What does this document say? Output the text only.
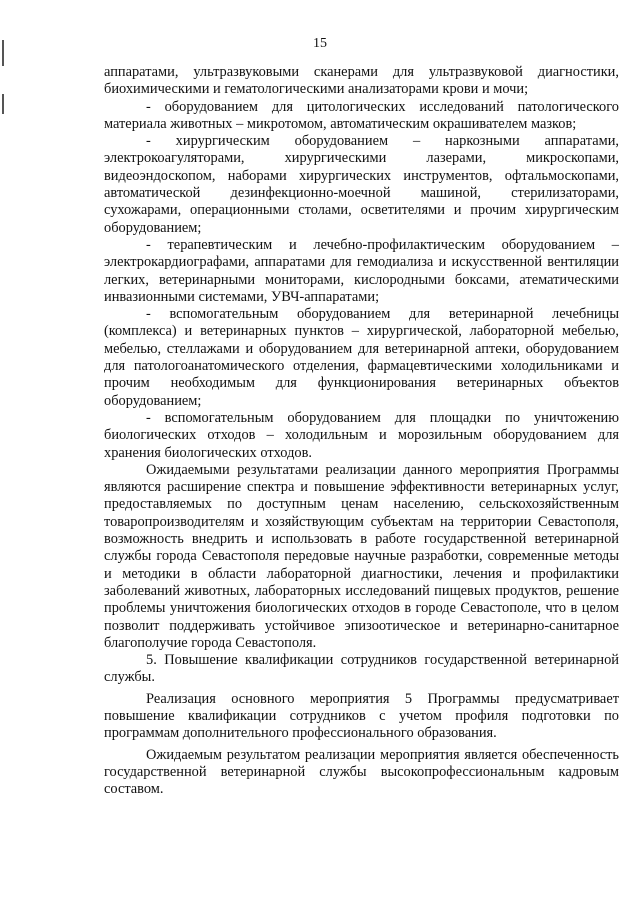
15

аппаратами, ультразвуковыми сканерами для ультразвуковой диагностики, биохимическими и гематологическими анализаторами крови и мочи;

- оборудованием для цитологических исследований патологического материала животных – микротомом, автоматическим окрашивателем мазков;

- хирургическим оборудованием – наркозными аппаратами, электрокоагуляторами, хирургическими лазерами, микроскопами, видеоэндоскопом, наборами хирургических инструментов, офтальмоскопами, автоматической дезинфекционно-моечной машиной, стерилизаторами, сухожарами, операционными столами, осветителями и прочим хирургическим оборудованием;

- терапевтическим и лечебно-профилактическим оборудованием – электрокардиографами, аппаратами для гемодиализа и искусственной вентиляции легких, ветеринарными мониторами, кислородными боксами, атематическими инвазионными системами, УВЧ-аппаратами;

- вспомогательным оборудованием для ветеринарной лечебницы (комплекса) и ветеринарных пунктов – хирургической, лабораторной мебелью, мебелью, стеллажами и оборудованием для ветеринарной аптеки, оборудованием для патологоанатомического отделения, фармацевтическими холодильниками и прочим необходимым для функционирования ветеринарных объектов оборудованием;

- вспомогательным оборудованием для площадки по уничтожению биологических отходов – холодильным и морозильным оборудованием для хранения биологических отходов.

Ожидаемыми результатами реализации данного мероприятия Программы являются расширение спектра и повышение эффективности ветеринарных услуг, предоставляемых по доступным ценам населению, сельскохозяйственным товаропроизводителям и хозяйствующим субъектам на территории Севастополя, возможность внедрить и использовать в работе государственной ветеринарной службы города Севастополя передовые научные разработки, современные методы и методики в области лабораторной диагностики, лечения и профилактики заболеваний животных, лабораторных исследований пищевых продуктов, решение проблемы уничтожения биологических отходов в городе Севастополе, что в целом позволит поддерживать устойчивое эпизоотическое и ветеринарно-санитарное благополучие города Севастополя.

5. Повышение квалификации сотрудников государственной ветеринарной службы.

Реализация основного мероприятия 5 Программы предусматривает повышение квалификации сотрудников с учетом профиля подготовки по программам дополнительного профессионального образования.

Ожидаемым результатом реализации мероприятия является обеспеченность государственной ветеринарной службы высокопрофессиональным кадровым составом.
